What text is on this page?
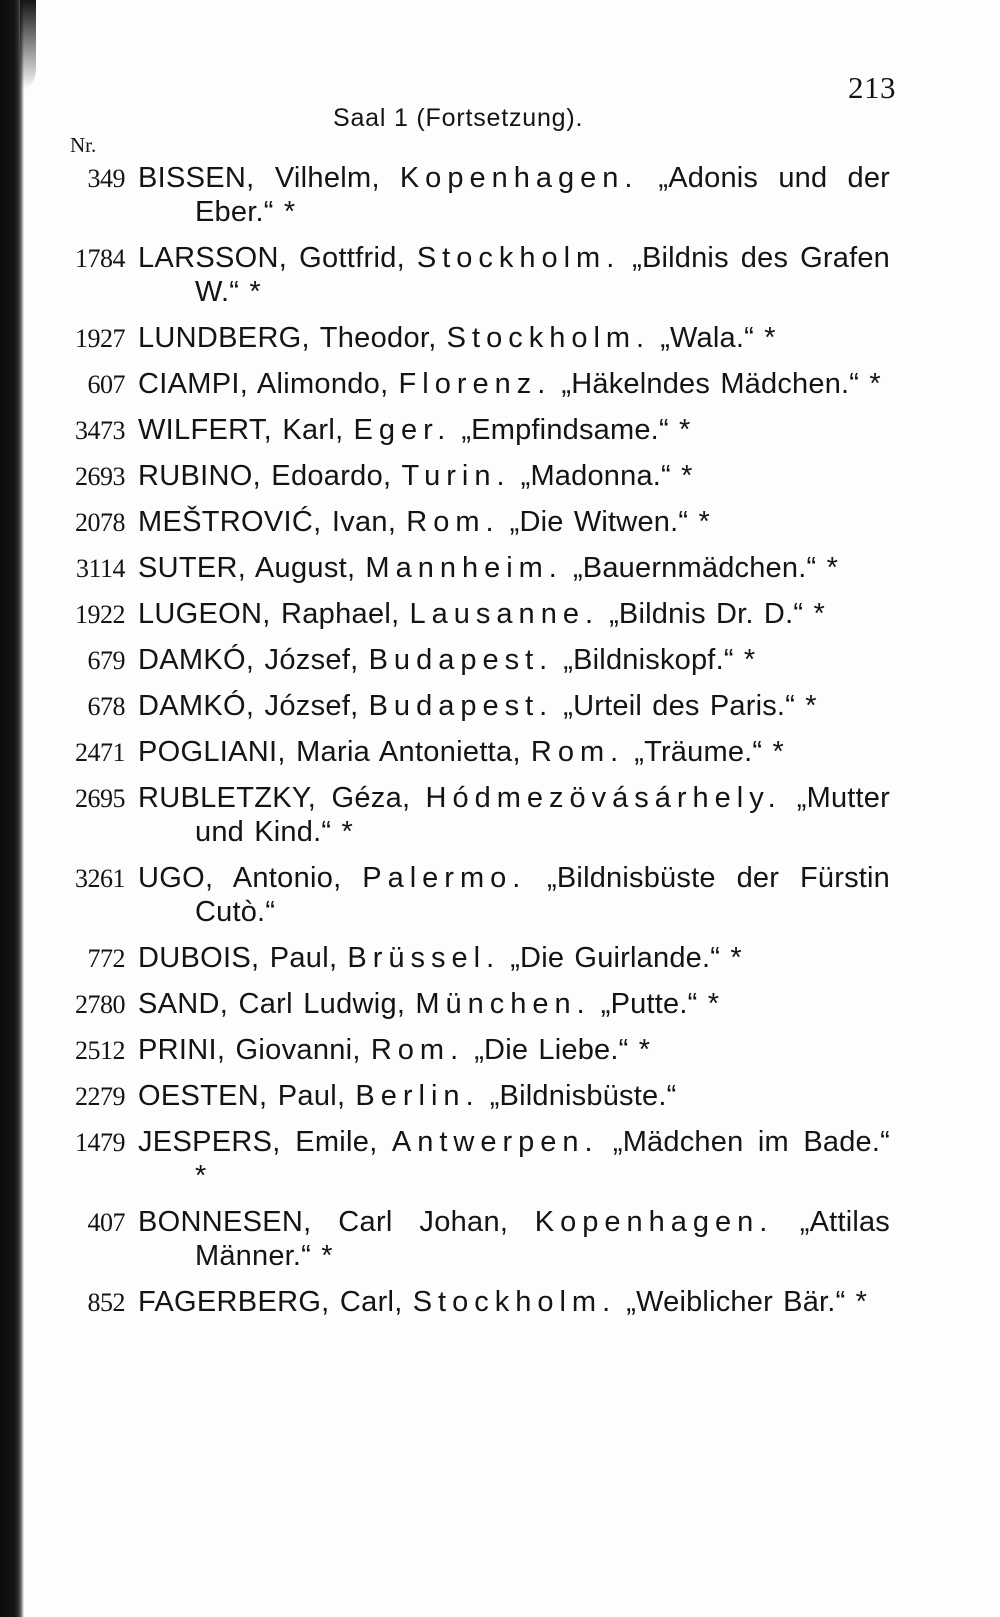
213
Saal 1 (Fortsetzung).
Nr.
349 BISSEN, Vilhelm, Kopenhagen. „Adonis und der Eber.“ *
1784 LARSSON, Gottfrid, Stockholm. „Bildnis des Grafen W.“ *
1927 LUNDBERG, Theodor, Stockholm. „Wala.“ *
607 CIAMPI, Alimondo, Florenz. „Häkelndes Mädchen.“ *
3473 WILFERT, Karl, Eger. „Empfindsame.“ *
2693 RUBINO, Edoardo, Turin. „Madonna.“ *
2078 MEŠTROVIĆ, Ivan, Rom. „Die Witwen.“ *
3114 SUTER, August, Mannheim. „Bauernmädchen.“ *
1922 LUGEON, Raphael, Lausanne. „Bildnis Dr. D.“ *
679 DAMKÓ, József, Budapest. „Bildniskopf.“ *
678 DAMKÓ, József, Budapest. „Urteil des Paris.“ *
2471 POGLIANI, Maria Antonietta, Rom. „Träume.“ *
2695 RUBLETZKY, Géza, Hódmezövásárhely. „Mutter und Kind.“ *
3261 UGO, Antonio, Palermo. „Bildnisbüste der Fürstin Cutò.“
772 DUBOIS, Paul, Brüssel. „Die Guirlande.“ *
2780 SAND, Carl Ludwig, München. „Putte.“ *
2512 PRINI, Giovanni, Rom. „Die Liebe.“ *
2279 OESTEN, Paul, Berlin. „Bildnisbüste.“
1479 JESPERS, Emile, Antwerpen. „Mädchen im Bade.“ *
407 BONNESEN, Carl Johan, Kopenhagen. „Attilas Männer.“ *
852 FAGERBERG, Carl, Stockholm. „Weiblicher Bär.“ *
